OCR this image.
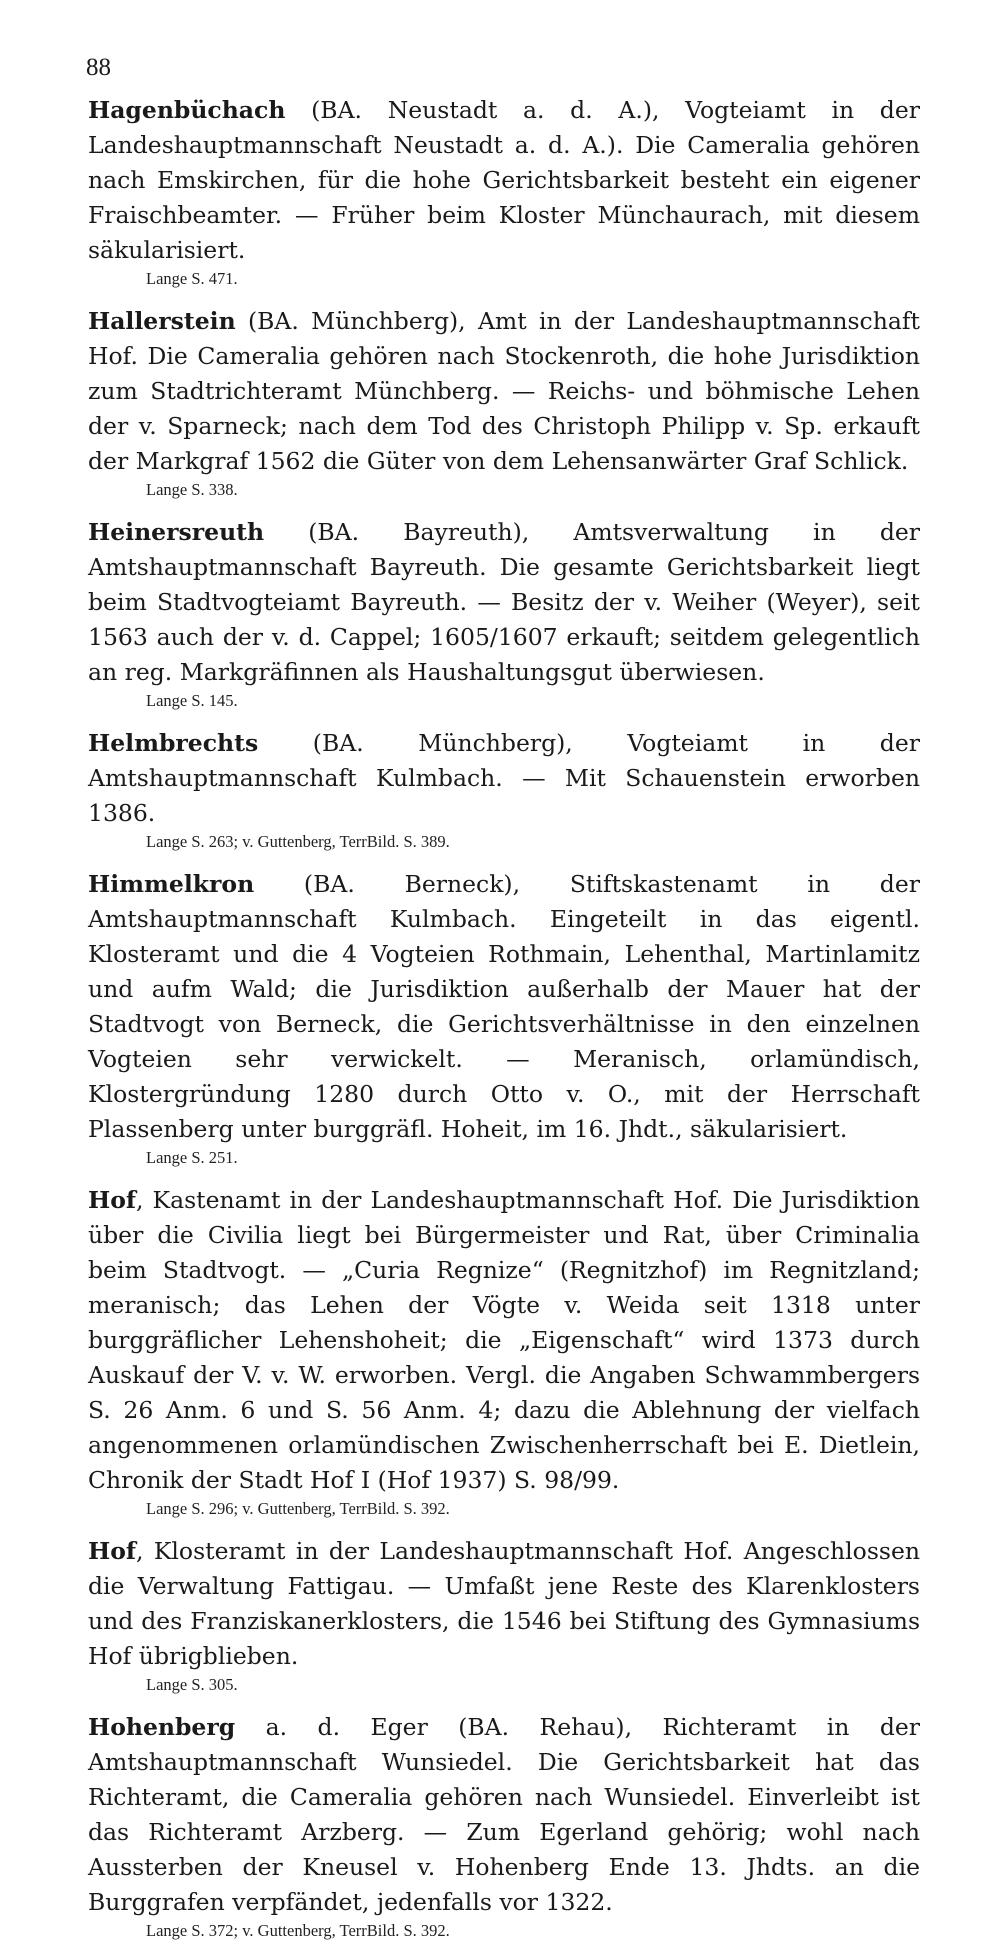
88

Hagenbüchach (BA. Neustadt a. d. A.), Vogteiamt in der Landeshauptmannschaft Neustadt a. d. A.). Die Cameralia gehören nach Emskirchen, für die hohe Gerichtsbarkeit besteht ein eigener Fraischbeamter. — Früher beim Kloster Münchaurach, mit diesem säkularisiert.

Lange S. 471.

Hallerstein (BA. Münchberg), Amt in der Landeshauptmannschaft Hof. Die Cameralia gehören nach Stockenroth, die hohe Jurisdiktion zum Stadtrichteramt Münchberg. — Reichs- und böhmische Lehen der v. Sparneck; nach dem Tod des Christoph Philipp v. Sp. erkauft der Markgraf 1562 die Güter von dem Lehensanwärter Graf Schlick.

Lange S. 338.

Heinersreuth (BA. Bayreuth), Amtsverwaltung in der Amtshauptmannschaft Bayreuth. Die gesamte Gerichtsbarkeit liegt beim Stadtvogteiamt Bayreuth. — Besitz der v. Weiher (Weyer), seit 1563 auch der v. d. Cappel; 1605/1607 erkauft; seitdem gelegentlich an reg. Markgräfinnen als Haushaltungsgut überwiesen.

Lange S. 145.

Helmbrechts (BA. Münchberg), Vogteiamt in der Amtshauptmannschaft Kulmbach. — Mit Schauenstein erworben 1386.

Lange S. 263; v. Guttenberg, TerrBild. S. 389.

Himmelkron (BA. Berneck), Stiftskastenamt in der Amtshauptmannschaft Kulmbach. Eingeteilt in das eigentl. Klosteramt und die 4 Vogteien Rothmain, Lehenthal, Martinlamitz und aufm Wald; die Jurisdiktion außerhalb der Mauer hat der Stadtvogt von Berneck, die Gerichtsverhältnisse in den einzelnen Vogteien sehr verwickelt. — Meranisch, orlamündisch, Klostergründung 1280 durch Otto v. O., mit der Herrschaft Plassenberg unter burggräfl. Hoheit, im 16. Jhdt., säkularisiert.

Lange S. 251.

Hof, Kastenamt in der Landeshauptmannschaft Hof. Die Jurisdiktion über die Civilia liegt bei Bürgermeister und Rat, über Criminalia beim Stadtvogt. — „Curia Regnize“ (Regnitzhof) im Regnitzland; meranisch; das Lehen der Vögte v. Weida seit 1318 unter burggräflicher Lehenshoheit; die „Eigenschaft“ wird 1373 durch Auskauf der V. v. W. erworben. Vergl. die Angaben Schwammbergers S. 26 Anm. 6 und S. 56 Anm. 4; dazu die Ablehnung der vielfach angenommenen orlamündischen Zwischenherrschaft bei E. Dietlein, Chronik der Stadt Hof I (Hof 1937) S. 98/99.

Lange S. 296; v. Guttenberg, TerrBild. S. 392.

Hof, Klosteramt in der Landeshauptmannschaft Hof. Angeschlossen die Verwaltung Fattigau. — Umfaßt jene Reste des Klarenklosters und des Franziskanerklosters, die 1546 bei Stiftung des Gymnasiums Hof übrigblieben.

Lange S. 305.

Hohenberg a. d. Eger (BA. Rehau), Richteramt in der Amtshauptmannschaft Wunsiedel. Die Gerichtsbarkeit hat das Richteramt, die Cameralia gehören nach Wunsiedel. Einverleibt ist das Richteramt Arzberg. — Zum Egerland gehörig; wohl nach Aussterben der Kneusel v. Hohenberg Ende 13. Jhdts. an die Burggrafen verpfändet, jedenfalls vor 1322.

Lange S. 372; v. Guttenberg, TerrBild. S. 392.
